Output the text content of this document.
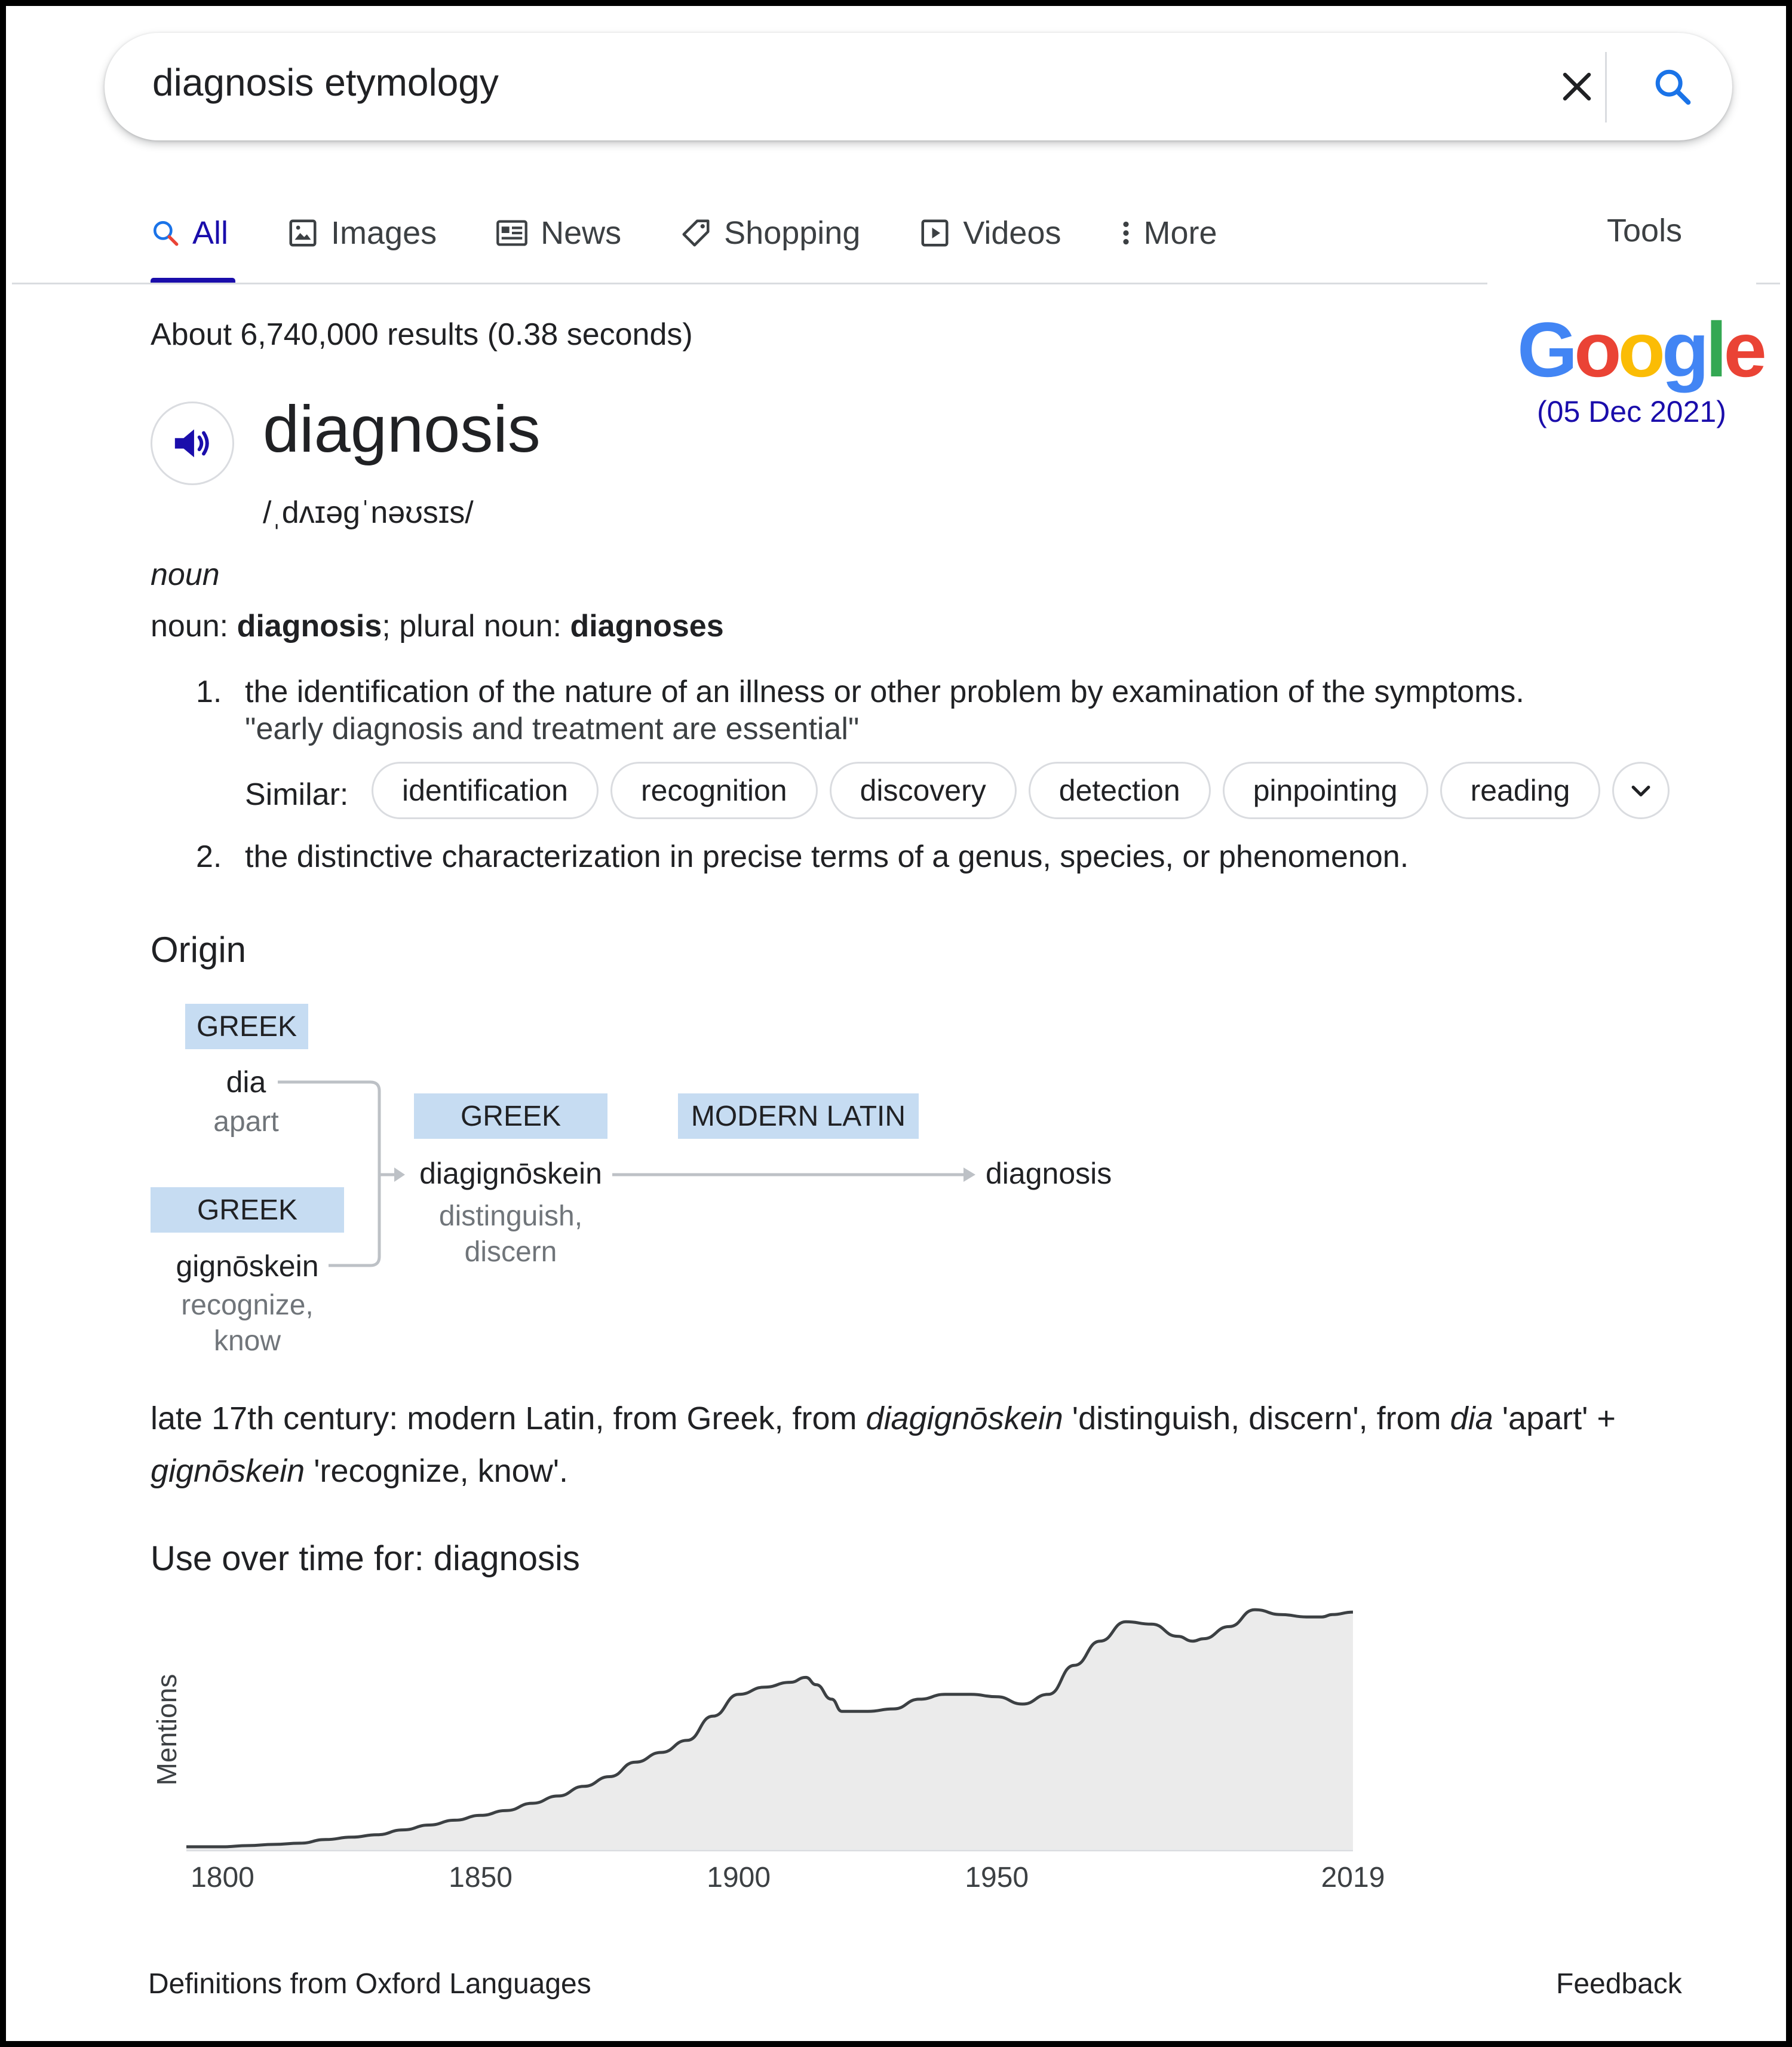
diagnosis etymology
All	Images	News	Shopping	Videos	More	Tools
Google
(05 Dec 2021)
About 6,740,000 results (0.38 seconds)
diagnosis
/ˌdʌɪəɡˈnəʊsɪs/
noun
noun: diagnosis; plural noun: diagnoses
1. the identification of the nature of an illness or other problem by examination of the symptoms.
"early diagnosis and treatment are essential"
Similar:	identification	recognition	discovery	detection	pinpointing	reading
2. the distinctive characterization in precise terms of a genus, species, or phenomenon.
Origin
GREEK
dia
apart
GREEK
gignōskein
recognize,
know
GREEK
diagignōskein
distinguish,
discern
MODERN LATIN
diagnosis
late 17th century: modern Latin, from Greek, from diagignōskein 'distinguish, discern', from dia 'apart' + gignōskein 'recognize, know'.
Use over time for: diagnosis
1800	1850	1900	1950	2019
Mentions
Definitions from Oxford Languages	Feedback
